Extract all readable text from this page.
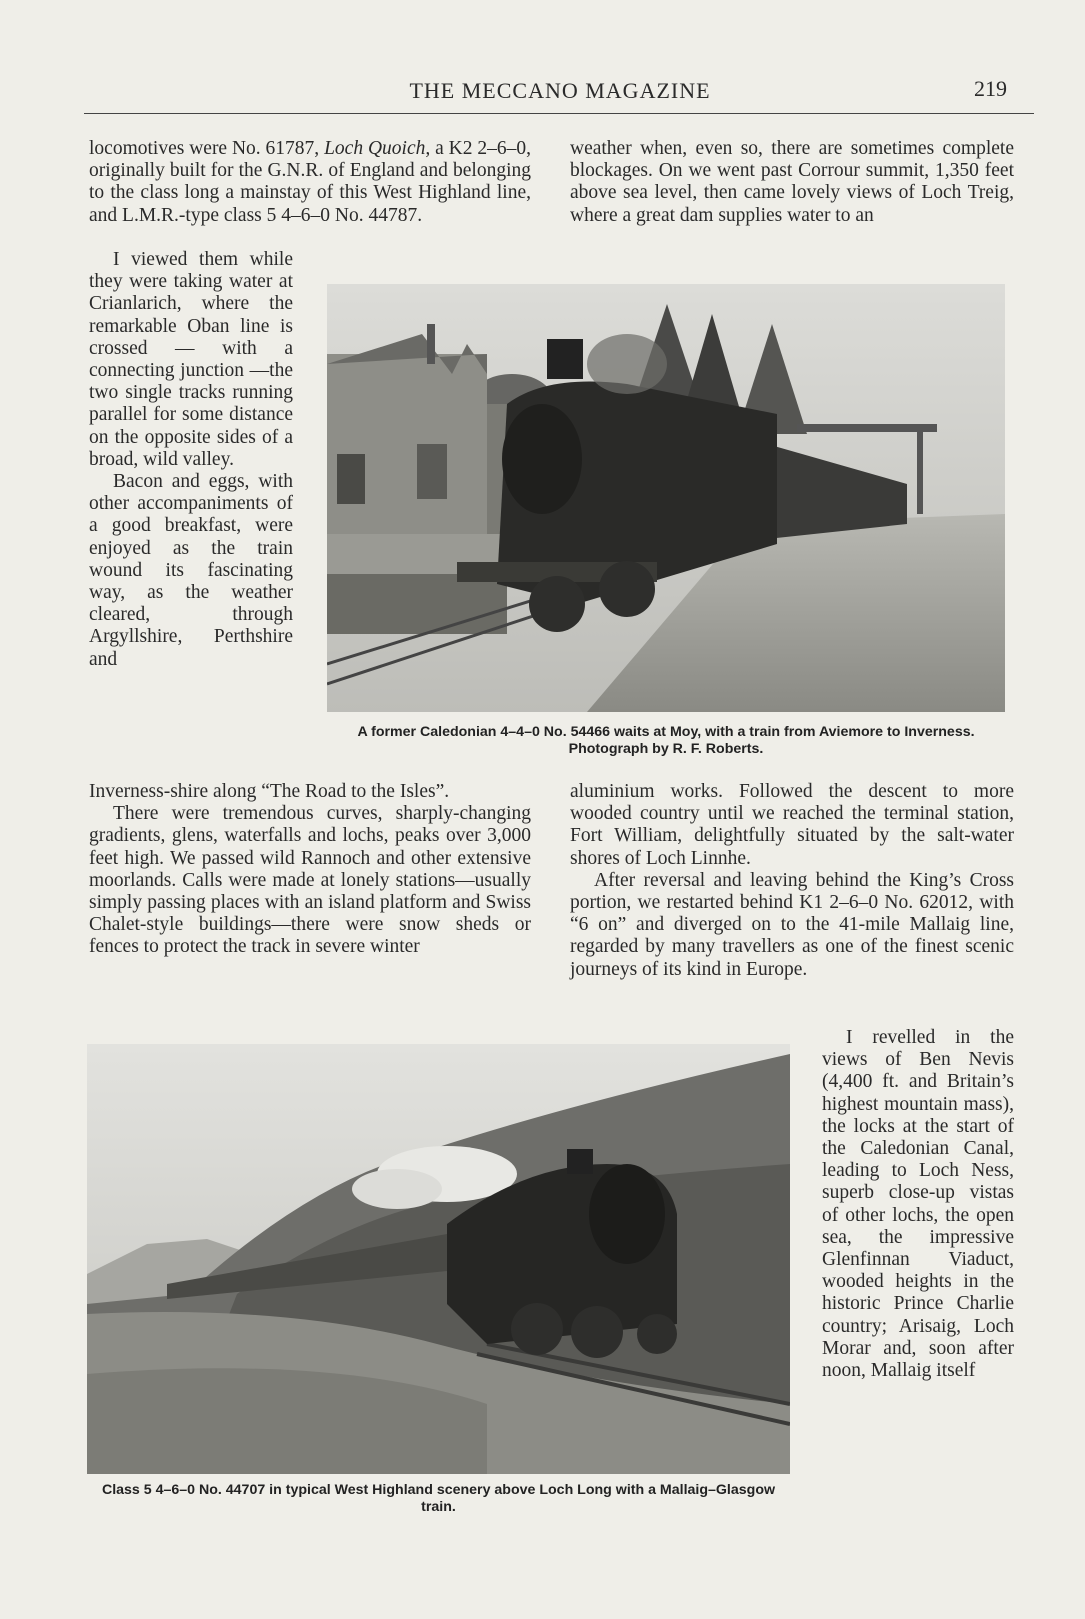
THE MECCANO MAGAZINE	219

locomotives were No. 61787, Loch Quoich, a K2 2–6–0, originally built for the G.N.R. of England and belonging to the class long a mainstay of this West Highland line, and L.M.R.-type class 5 4–6–0 No. 44787.

I viewed them while they were taking water at Crianlarich, where the remarkable Oban line is crossed — with a connecting junction —the two single tracks running parallel for some distance on the opposite sides of a broad, wild valley.

Bacon and eggs, with other accompaniments of a good breakfast, were enjoyed as the train wound its fascinating way, as the weather cleared, through Argyllshire, Perthshire and

Inverness-shire along “The Road to the Isles”.

There were tremendous curves, sharply-changing gradients, glens, waterfalls and lochs, peaks over 3,000 feet high. We passed wild Rannoch and other extensive moorlands. Calls were made at lonely stations—usually simply passing places with an island platform and Swiss Chalet-style buildings—there were snow sheds or fences to protect the track in severe winter

weather when, even so, there are sometimes complete blockages. On we went past Corrour summit, 1,350 feet above sea level, then came lovely views of Loch Treig, where a great dam supplies water to an

aluminium works. Followed the descent to more wooded country until we reached the terminal station, Fort William, delightfully situated by the salt-water shores of Loch Linnhe.

After reversal and leaving behind the King’s Cross portion, we restarted behind K1 2–6–0 No. 62012, with “6 on” and diverged on to the 41-mile Mallaig line, regarded by many travellers as one of the finest scenic journeys of its kind in Europe.

I revelled in the views of Ben Nevis (4,400 ft. and Britain’s highest mountain mass), the locks at the start of the Caledonian Canal, leading to Loch Ness, superb close-up vistas of other lochs, the open sea, the impressive Glenfinnan Viaduct, wooded heights in the historic Prince Charlie country; Arisaig, Loch Morar and, soon after noon, Mallaig itself

A former Caledonian 4–4–0 No. 54466 waits at Moy, with a train from Aviemore to Inverness. Photograph by R. F. Roberts.
Class 5 4–6–0 No. 44707 in typical West Highland scenery above Loch Long with a Mallaig–Glasgow train.
